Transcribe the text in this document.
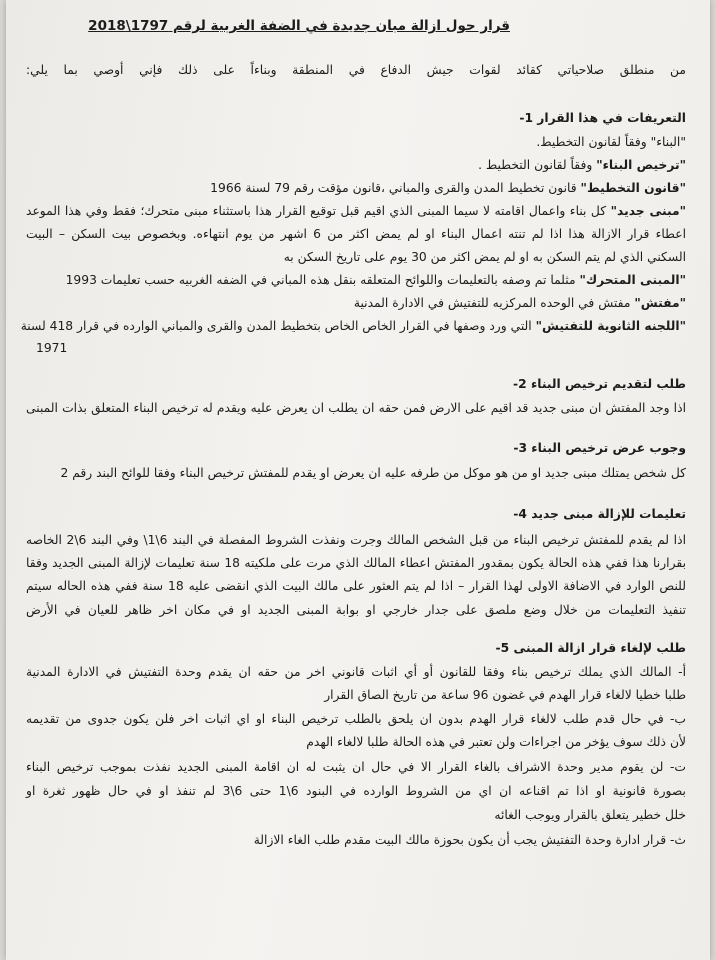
قرار حول ازالة مبان جديدة في الضفة الغربية لرقم 1797\2018
من منطلق صلاحياتي كقائد لقوات جيش الدفاع في المنطقة وبناءاً على ذلك فإني أوصي بما يلي:
التعريفات في هذا القرار 1-
"البناء" وفقاً لقانون التخطيط.
"ترخيص البناء" وفقاً لقانون التخطيط .
"قانون التخطيط" قانون تخطيط المدن والقرى والمباني ،قانون مؤقت رقم 79 لسنة 1966
"مبنى جديد" كل بناء واعمال اقامته لا سيما المبنى الذي اقيم قبل توقيع القرار هذا باستثناء مبنى متحرك؛ فقط وفي هذا الموعد
اعطاء قرار الازالة هذا اذا لم تنته اعمال البناء او لم يمض اكثر من 6 اشهر من يوم انتهاءه. وبخصوص بيت السكن – البيت
السكني الذي لم يتم السكن به او لم يمض اكثر من 30 يوم على تاريخ السكن به
"المبنى المتحرك" مثلما تم وصفه بالتعليمات واللوائح المتعلقه بنقل هذه المباني في الضفه الغربيه حسب تعليمات 1993
"مفتش" مفتش في الوحده المركزيه للتفتيش في الادارة المدنية
"اللجنه الثانوية للتفتيش" التي ورد وصفها في القرار الخاص الخاص بتخطيط المدن والقرى والمباني الوارده في قرار 418 لسنة
1971
طلب لتقديم ترخيص البناء 2-
اذا وجد المفتش ان مبنى جديد قد اقيم على الارض فمن حقه ان يطلب ان يعرض عليه ويقدم له ترخيص البناء المتعلق بذات المبنى
وجوب عرض ترخيص البناء 3-
كل شخص يمتلك مبنى جديد او من هو موكل من طرفه عليه ان يعرض او يقدم للمفتش ترخيص البناء وفقا للوائح البند رقم 2
تعليمات للإزالة مبنى جديد 4-
اذا لم يقدم للمفتش ترخيص البناء من قبل الشخص المالك وجرت ونفذت الشروط المفصلة في البند 6\1\ وفي البند 6\2 الخاصه
بقرارنا هذا ففي هذه الحالة يكون بمقدور المفتش اعطاء المالك الذي مرت على ملكيته 18 سنة تعليمات لإزالة المبنى الجديد وفقا
للنص الوارد في الاضافة الاولى لهذا القرار – اذا لم يتم العثور على مالك البيت الذي انقضى عليه 18 سنة ففي هذه الحاله سيتم
تنفيذ التعليمات من خلال وضع ملصق على جدار خارجي او بوابة المبنى الجديد او في مكان اخر ظاهر للعيان في الأرض
طلب لإلغاء قرار ازالة المبنى 5-
أ- المالك الذي يملك ترخيص بناء وفقا للقانون أو أي اثبات قانوني اخر من حقه ان يقدم وحدة التفتيش في الادارة المدنية
طلبا خطيا لالغاء قرار الهدم في غضون 96 ساعة من تاريخ الصاق القرار
ب- في حال قدم طلب لالغاء قرار الهدم بدون ان يلحق بالطلب ترخيص البناء او اي اثبات اخر فلن يكون جدوى من تقديمه
لأن ذلك سوف يؤخر من اجراءات ولن تعتبر في هذه الحالة طلبا لالغاء الهدم
ت- لن يقوم مدير وحدة الاشراف بالغاء القرار الا في حال ان يثبت له ان اقامة المبنى الجديد نفذت بموجب ترخيص البناء
بصورة قانونية او اذا تم اقناعه ان اي من الشروط الوارده في البنود 6\1 حتى 6\3 لم تنفذ او في حال ظهور ثغرة او
خلل خطير يتعلق بالقرار ويوجب الغائه
ث- قرار ادارة وحدة التفتيش يجب أن يكون بحوزة مالك البيت مقدم طلب الغاء الازالة
